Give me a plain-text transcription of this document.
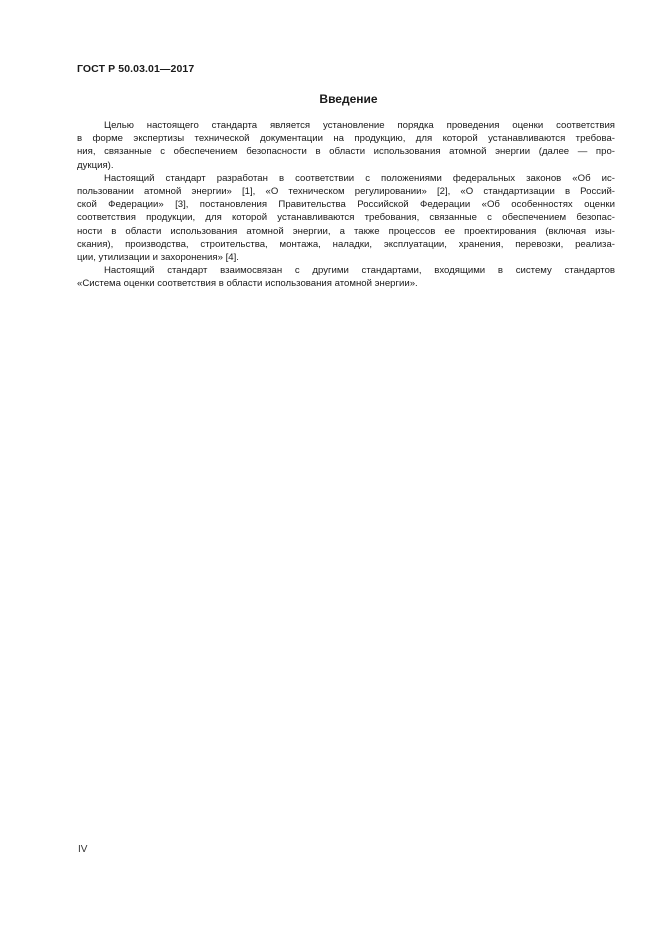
ГОСТ Р 50.03.01—2017
Введение
Целью настоящего стандарта является установление порядка проведения оценки соответствия
в форме экспертизы технической документации на продукцию, для которой устанавливаются требова-
ния, связанные с обеспечением безопасности в области использования атомной энергии (далее — про-
дукция).
Настоящий стандарт разработан в соответствии с положениями федеральных законов «Об ис-
пользовании атомной энергии» [1], «О техническом регулировании» [2], «О стандартизации в Россий-
ской Федерации» [3], постановления Правительства Российской Федерации «Об особенностях оценки
соответствия продукции, для которой устанавливаются требования, связанные с обеспечением безопас-
ности в области использования атомной энергии, а также процессов ее проектирования (включая изы-
скания), производства, строительства, монтажа, наладки, эксплуатации, хранения, перевозки, реализа-
ции, утилизации и захоронения» [4].
Настоящий стандарт взаимосвязан с другими стандартами, входящими в систему стандартов
«Система оценки соответствия в области использования атомной энергии».
IV
